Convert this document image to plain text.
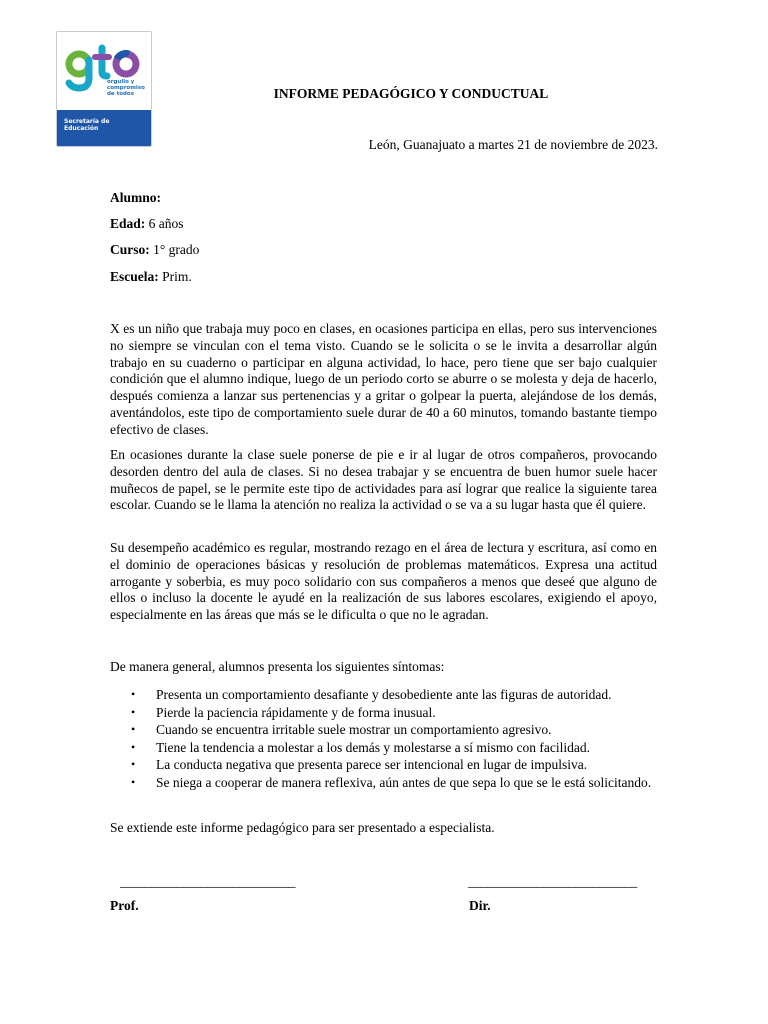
orgullo y compromiso de todos
Secretaría de Educación
INFORME PEDAGÓGICO Y CONDUCTUAL
León, Guanajuato a martes 21 de noviembre de 2023.
Alumno:
Edad: 6 años
Curso: 1° grado
Escuela: Prim.

X es un niño que trabaja muy poco en clases, en ocasiones participa en ellas, pero sus intervenciones no siempre se vinculan con el tema visto. Cuando se le solicita o se le invita a desarrollar algún trabajo en su cuaderno o participar en alguna actividad, lo hace, pero tiene que ser bajo cualquier condición que el alumno indique, luego de un periodo corto se aburre o se molesta y deja de hacerlo, después comienza a lanzar sus pertenencias y a gritar o golpear la puerta, alejándose de los demás, aventándolos, este tipo de comportamiento suele durar de 40 a 60 minutos, tomando bastante tiempo efectivo de clases.

En ocasiones durante la clase suele ponerse de pie e ir al lugar de otros compañeros, provocando desorden dentro del aula de clases. Si no desea trabajar y se encuentra de buen humor suele hacer muñecos de papel, se le permite este tipo de actividades para así lograr que realice la siguiente tarea escolar. Cuando se le llama la atención no realiza la actividad o se va a su lugar hasta que él quiere.

Su desempeño académico es regular, mostrando rezago en el área de lectura y escritura, así como en el dominio de operaciones básicas y resolución de problemas matemáticos. Expresa una actitud arrogante y soberbia, es muy poco solidario con sus compañeros a menos que deseé que alguno de ellos o incluso la docente le ayudé en la realización de sus labores escolares, exigiendo el apoyo, especialmente en las áreas que más se le dificulta o que no le agradan.

De manera general, alumnos presenta los siguientes síntomas:

• Presenta un comportamiento desafiante y desobediente ante las figuras de autoridad.
• Pierde la paciencia rápidamente y de forma inusual.
• Cuando se encuentra irritable suele mostrar un comportamiento agresivo.
• Tiene la tendencia a molestar a los demás y molestarse a sí mismo con facilidad.
• La conducta negativa que presenta parece ser intencional en lugar de impulsiva.
• Se niega a cooperar de manera reflexiva, aún antes de que sepa lo que se le está solicitando.

Se extiende este informe pedagógico para ser presentado a especialista.

____________________________	___________________________
Prof.	Dir.
